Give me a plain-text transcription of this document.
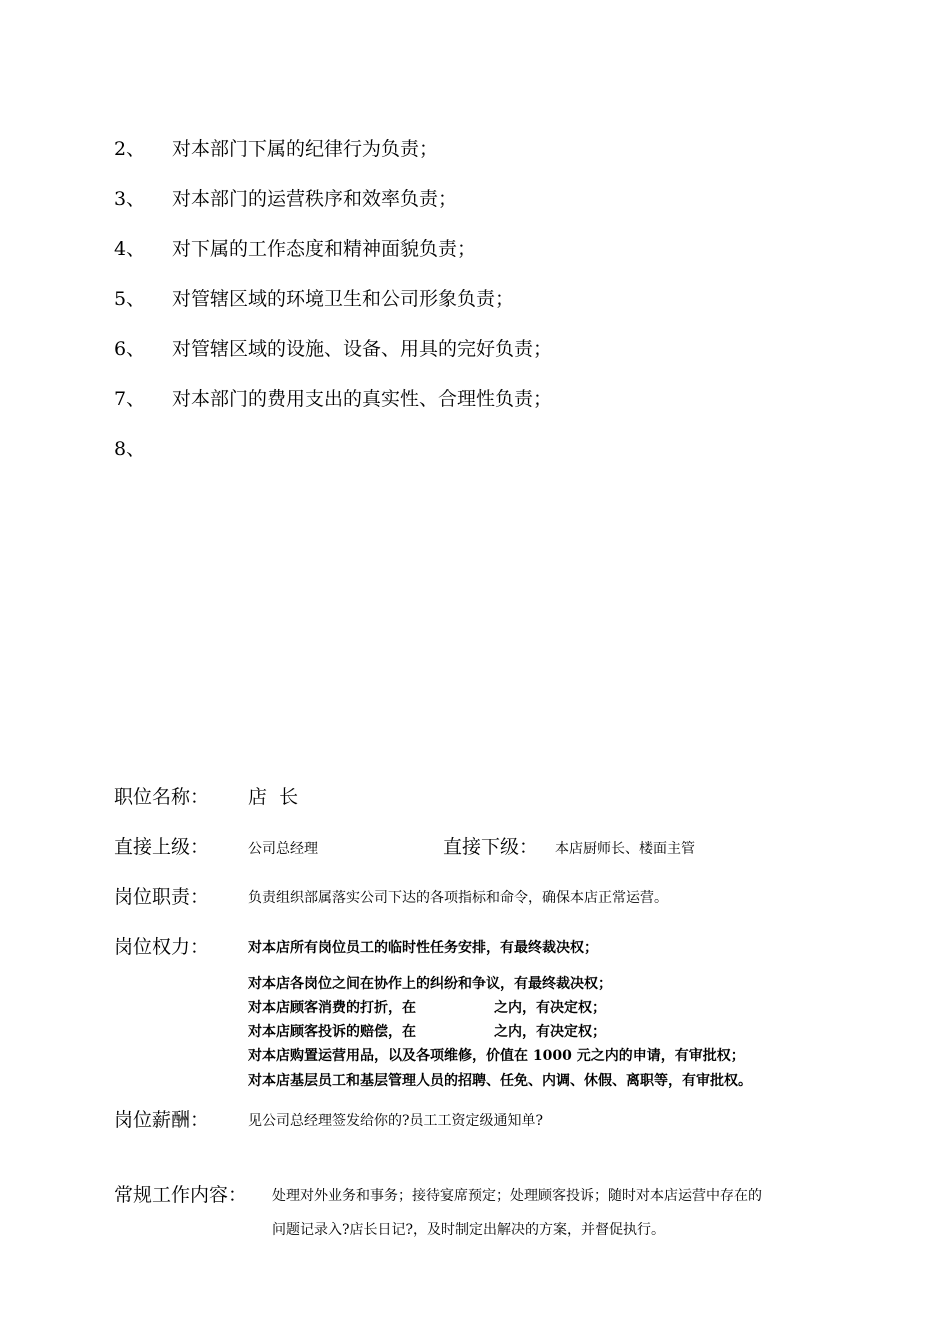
2、 对本部门下属的纪律行为负责；
3、 对本部门的运营秩序和效率负责；
4、 对下属的工作态度和精神面貌负责；
5、 对管辖区域的环境卫生和公司形象负责；
6、 对管辖区域的设施、设备、用具的完好负责；
7、 对本部门的费用支出的真实性、合理性负责；
8、
职位名称： 店  长
直接上级：	公司总经理	直接下级： 本店厨师长、楼面主管
岗位职责：	负责组织部属落实公司下达的各项指标和命令，确保本店正常运营。
岗位权力：	对本店所有岗位员工的临时性任务安排，有最终裁决权；
对本店各岗位之间在协作上的纠纷和争议，有最终裁决权；
对本店顾客消费的打折，在                之内，有决定权；
对本店顾客投诉的赔偿，在                之内，有决定权；
对本店购置运营用品，以及各项维修，价值在 1000 元之内的申请，有审批权；
对本店基层员工和基层管理人员的招聘、任免、内调、休假、离职等，有审批权。
岗位薪酬：	见公司总经理签发给你的?员工工资定级通知单?
常规工作内容： 处理对外业务和事务；接待宴席预定；处理顾客投诉；随时对本店运营中存在的
问题记录入?店长日记?，及时制定出解决的方案，并督促执行。
